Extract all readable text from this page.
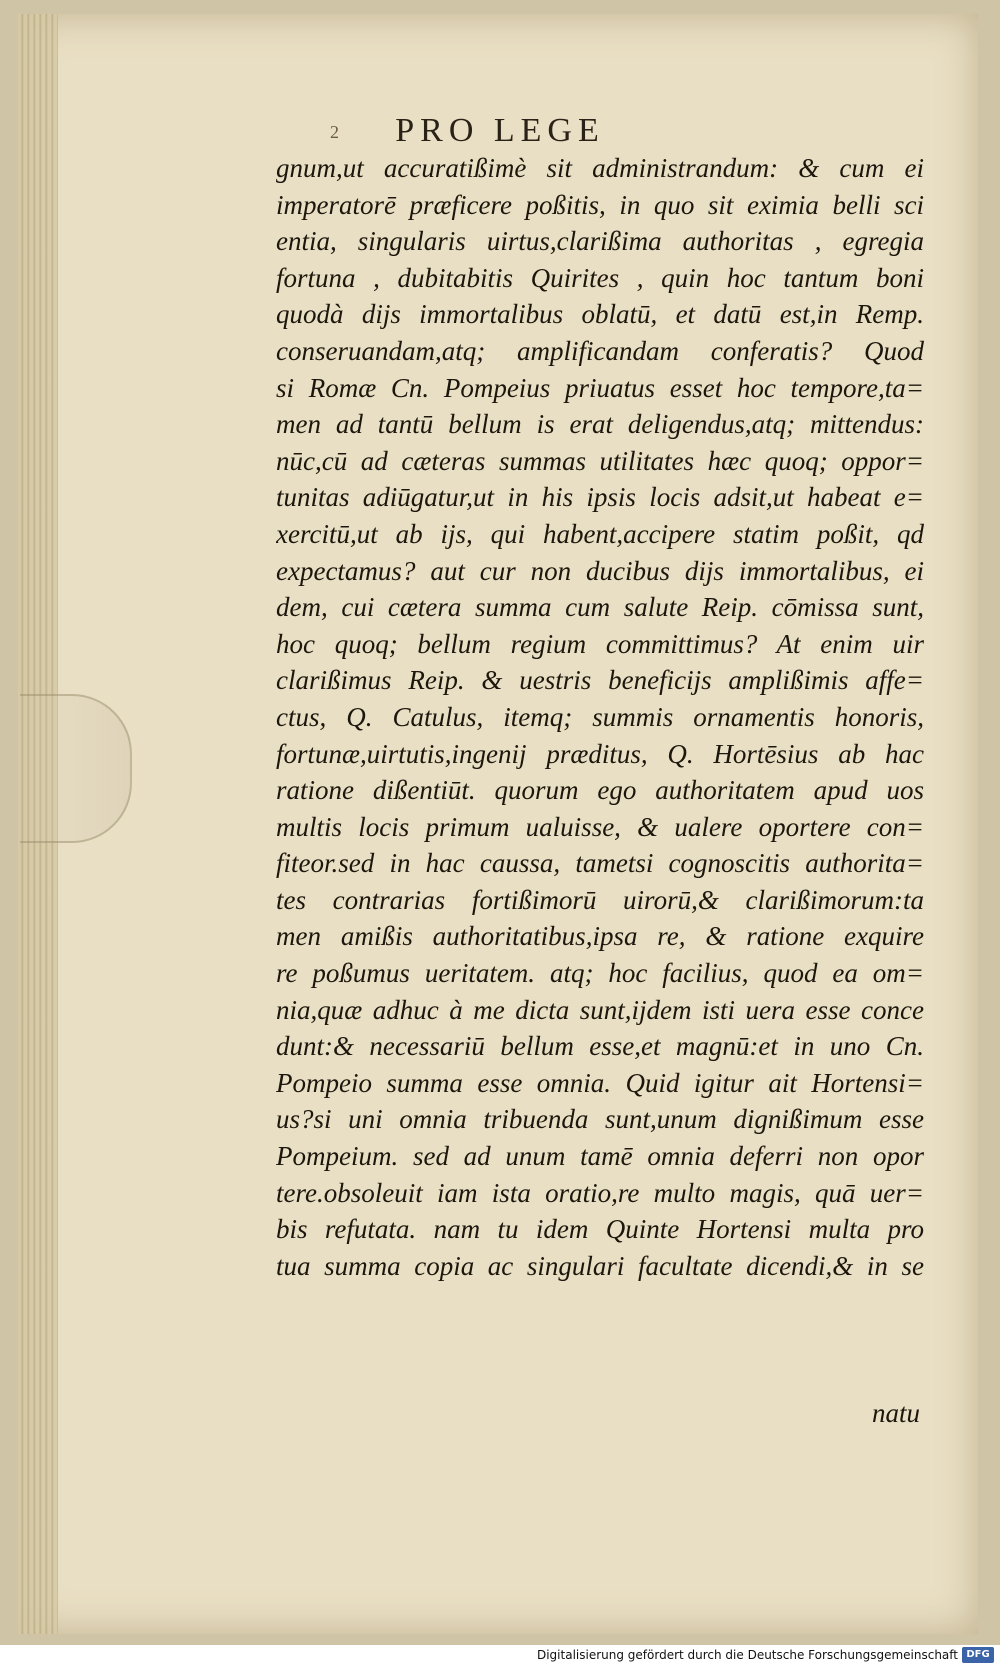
PRO LEGE
2
gnum,ut accuratißimè sit administrandum: & cum ei
imperatorē præficere poßitis, in quo sit eximia belli sci
entia, singularis uirtus,clarißima authoritas , egregia
fortuna , dubitabitis Quirites , quin hoc tantum boni
quodà dijs immortalibus oblatū, et datū est,in Remp.
conseruandam,atq; amplificandam conferatis? Quod
si Romæ Cn. Pompeius priuatus esset hoc tempore,ta=
men ad tantū bellum is erat deligendus,atq; mittendus:
nūc,cū ad cæteras summas utilitates hæc quoq; oppor=
tunitas adiūgatur,ut in his ipsis locis adsit,ut habeat e=
xercitū,ut ab ijs, qui habent,accipere statim poßit, qd
expectamus? aut cur non ducibus dijs immortalibus, ei
dem, cui cætera summa cum salute Reip. cōmissa sunt,
hoc quoq; bellum regium committimus? At enim uir
clarißimus Reip. & uestris beneficijs amplißimis affe=
ctus, Q. Catulus, itemq; summis ornamentis honoris,
fortunæ,uirtutis,ingenij præditus, Q. Hortēsius ab hac
ratione dißentiūt. quorum ego authoritatem apud uos
multis locis primum ualuisse, & ualere oportere con=
fiteor.sed in hac caussa, tametsi cognoscitis authorita=
tes contrarias fortißimorū uirorū,& clarißimorum:ta
men amißis authoritatibus,ipsa re, & ratione exquire
re poßumus ueritatem. atq; hoc facilius, quod ea om=
nia,quæ adhuc à me dicta sunt,ijdem isti uera esse conce
dunt:& necessariū bellum esse,et magnū:et in uno Cn.
Pompeio summa esse omnia. Quid igitur ait Hortensi=
us?si uni omnia tribuenda sunt,unum dignißimum esse
Pompeium. sed ad unum tamē omnia deferri non opor
tere.obsoleuit iam ista oratio,re multo magis, quā uer=
bis refutata. nam tu idem Quinte Hortensi multa pro
tua summa copia ac singulari facultate dicendi,& in se
natu
Digitalisierung gefördert durch die Deutsche Forschungsgemeinschaft DFG
